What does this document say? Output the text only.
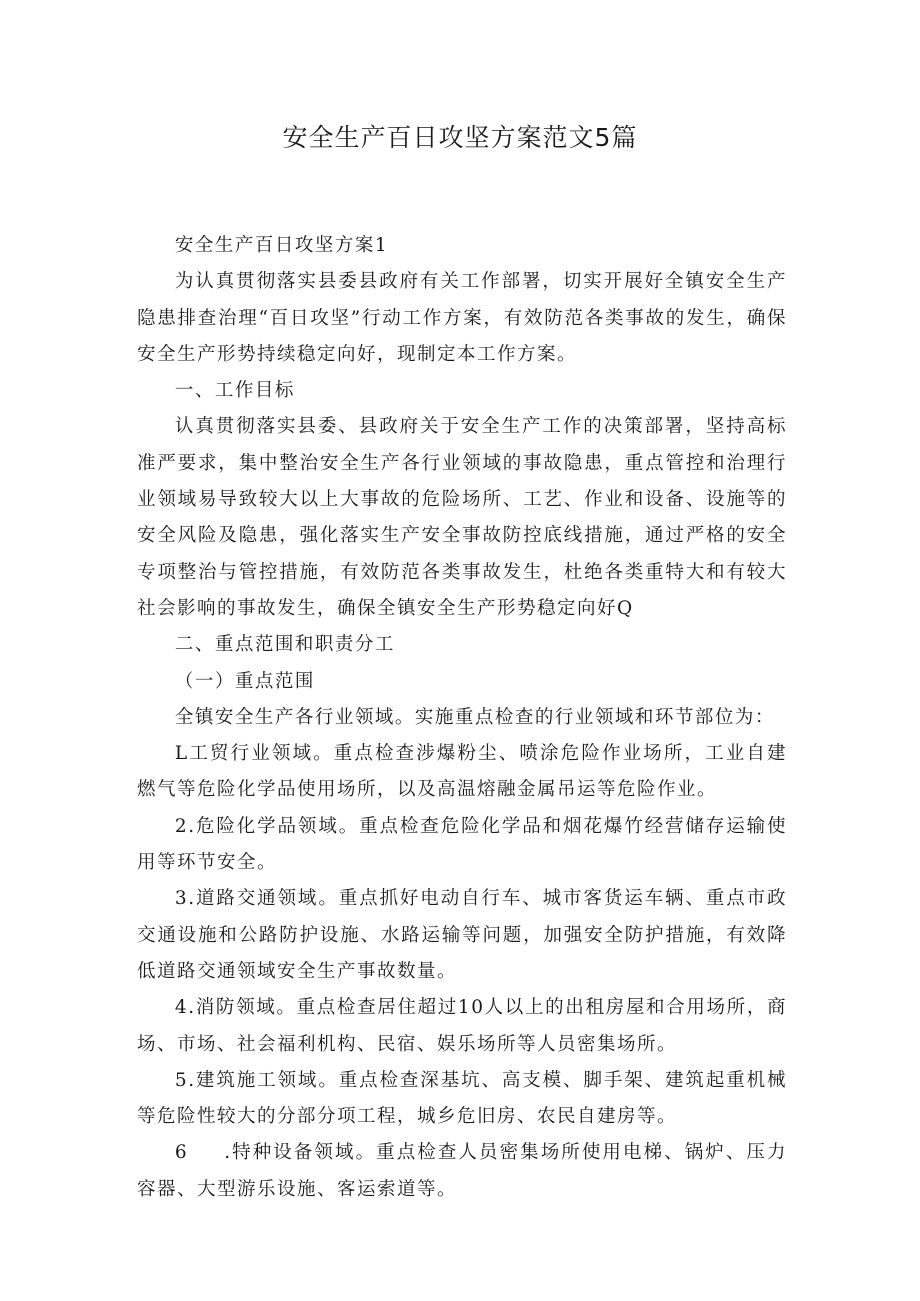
安全生产百日攻坚方案范文5篇

安全生产百日攻坚方案1

为认真贯彻落实县委县政府有关工作部署，切实开展好全镇安全生产隐患排查治理“百日攻坚”行动工作方案，有效防范各类事故的发生，确保安全生产形势持续稳定向好，现制定本工作方案。

一、工作目标

认真贯彻落实县委、县政府关于安全生产工作的决策部署，坚持高标准严要求，集中整治安全生产各行业领域的事故隐患，重点管控和治理行业领域易导致较大以上大事故的危险场所、工艺、作业和设备、设施等的安全风险及隐患，强化落实生产安全事故防控底线措施，通过严格的安全专项整治与管控措施，有效防范各类事故发生，杜绝各类重特大和有较大社会影响的事故发生，确保全镇安全生产形势稳定向好Q

二、重点范围和职责分工

（一）重点范围

全镇安全生产各行业领域。实施重点检查的行业领域和环节部位为：

L工贸行业领域。重点检查涉爆粉尘、喷涂危险作业场所，工业自建燃气等危险化学品使用场所，以及高温熔融金属吊运等危险作业。

2.危险化学品领域。重点检查危险化学品和烟花爆竹经营储存运输使用等环节安全。

3.道路交通领域。重点抓好电动自行车、城市客货运车辆、重点市政交通设施和公路防护设施、水路运输等问题，加强安全防护措施，有效降低道路交通领域安全生产事故数量。

4.消防领域。重点检查居住超过10人以上的出租房屋和合用场所，商场、市场、社会福利机构、民宿、娱乐场所等人员密集场所。

5.建筑施工领域。重点检查深基坑、高支模、脚手架、建筑起重机械等危险性较大的分部分项工程，城乡危旧房、农民自建房等。

6 .特种设备领域。重点检查人员密集场所使用电梯、锅炉、压力容器、大型游乐设施、客运索道等。
